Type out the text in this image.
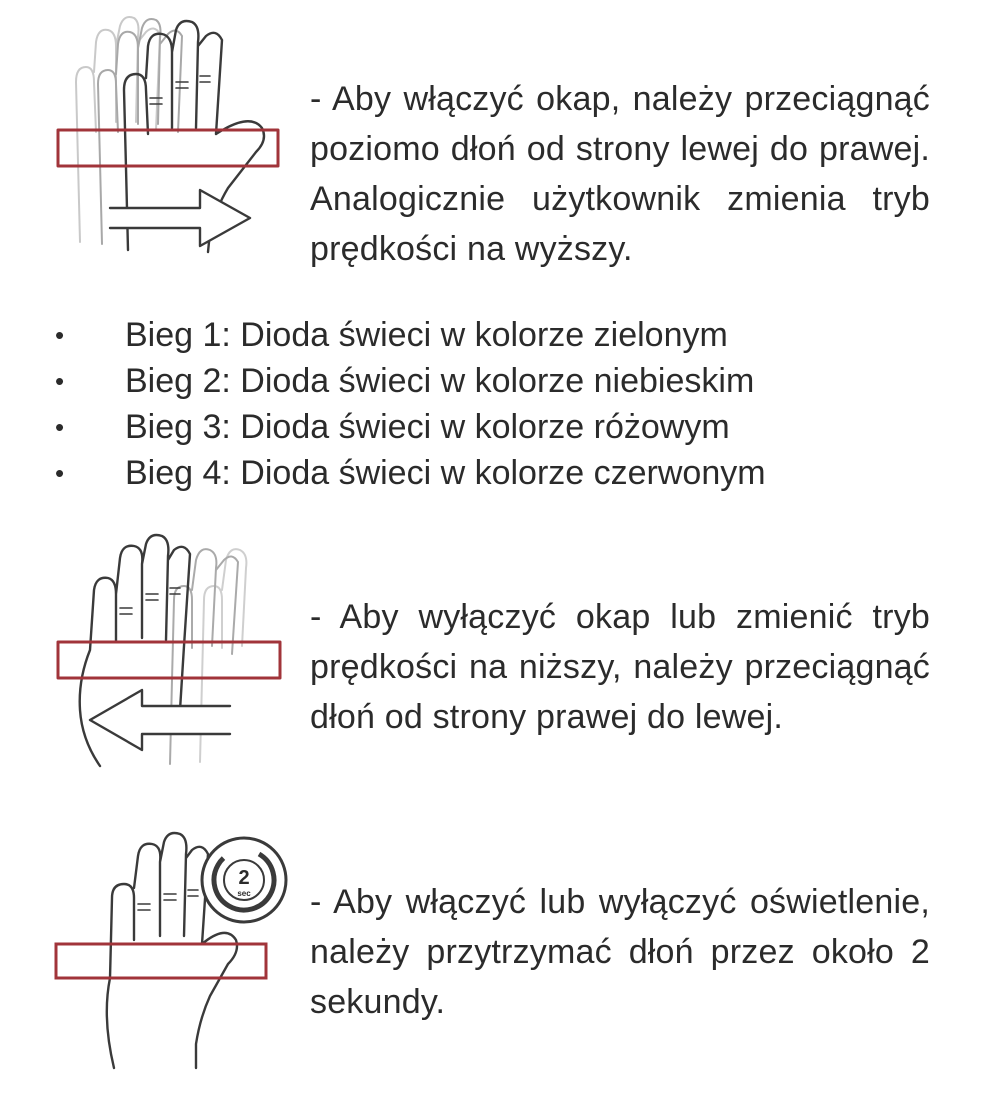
- Aby włączyć okap, należy przeciągnąć poziomo dłoń od strony lewej do prawej. Analogicznie użytkownik zmienia tryb prędkości na wyższy.

•	Bieg 1: Dioda świeci w kolorze zielonym
•	Bieg 2: Dioda świeci w kolorze niebieskim
•	Bieg 3: Dioda świeci w kolorze różowym
•	Bieg 4: Dioda świeci w kolorze czerwonym

- Aby wyłączyć okap lub zmienić tryb prędkości na niższy, należy przeciągnąć dłoń od strony prawej do lewej.

2
sec - Aby włączyć lub wyłączyć oświetlenie, należy przytrzymać dłoń przez około 2 sekundy.
